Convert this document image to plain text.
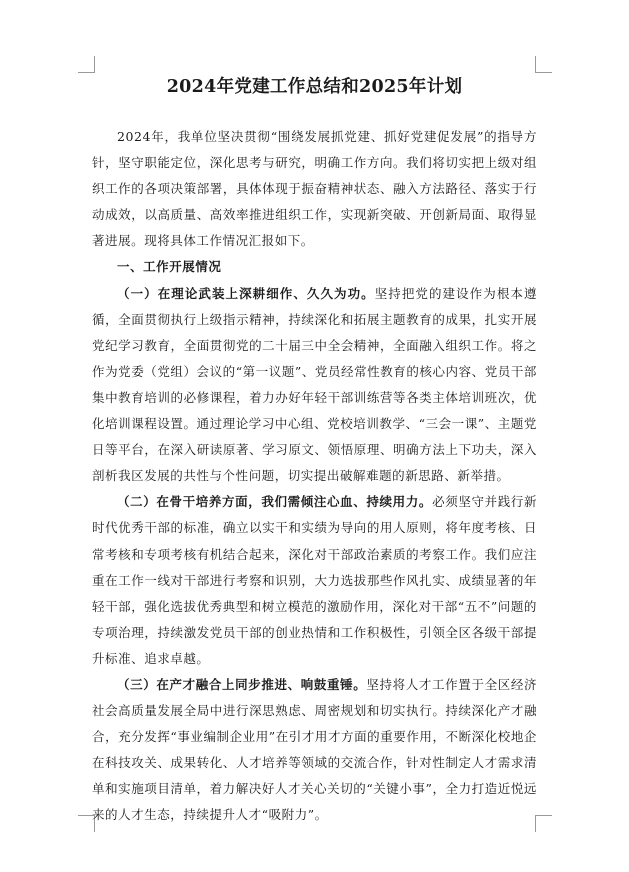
2024年党建工作总结和2025年计划

2024年，我单位坚决贯彻“围绕发展抓党建、抓好党建促发展”的指导方针，坚守职能定位，深化思考与研究，明确工作方向。我们将切实把上级对组织工作的各项决策部署，具体体现于振奋精神状态、融入方法路径、落实于行动成效，以高质量、高效率推进组织工作，实现新突破、开创新局面、取得显著进展。现将具体工作情况汇报如下。

一、工作开展情况

（一）在理论武装上深耕细作、久久为功。坚持把党的建设作为根本遵循，全面贯彻执行上级指示精神，持续深化和拓展主题教育的成果，扎实开展党纪学习教育，全面贯彻党的二十届三中全会精神，全面融入组织工作。将之作为党委（党组）会议的“第一议题”、党员经常性教育的核心内容、党员干部集中教育培训的必修课程，着力办好年轻干部训练营等各类主体培训班次，优化培训课程设置。通过理论学习中心组、党校培训教学、“三会一课”、主题党日等平台，在深入研读原著、学习原文、领悟原理、明确方法上下功夫，深入剖析我区发展的共性与个性问题，切实提出破解难题的新思路、新举措。

（二）在骨干培养方面，我们需倾注心血、持续用力。必须坚守并践行新时代优秀干部的标准，确立以实干和实绩为导向的用人原则，将年度考核、日常考核和专项考核有机结合起来，深化对干部政治素质的考察工作。我们应注重在工作一线对干部进行考察和识别，大力选拔那些作风扎实、成绩显著的年轻干部，强化选拔优秀典型和树立模范的激励作用，深化对干部“五不”问题的专项治理，持续激发党员干部的创业热情和工作积极性，引领全区各级干部提升标准、追求卓越。

（三）在产才融合上同步推进、响鼓重锤。坚持将人才工作置于全区经济社会高质量发展全局中进行深思熟虑、周密规划和切实执行。持续深化产才融合，充分发挥“事业编制企业用”在引才用才方面的重要作用，不断深化校地企在科技攻关、成果转化、人才培养等领域的交流合作，针对性制定人才需求清单和实施项目清单，着力解决好人才关心关切的“关键小事”，全力打造近悦远来的人才生态，持续提升人才“吸附力”。
